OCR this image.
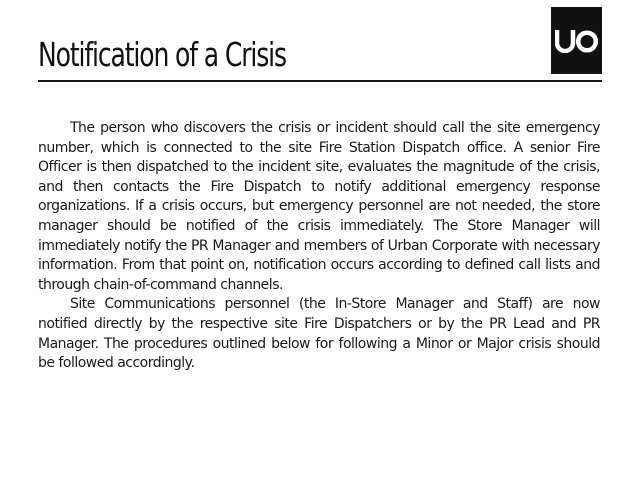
Notification of a Crisis

The person who discovers the crisis or incident should call the site emergency number, which is connected to the site Fire Station Dispatch office. A senior Fire Officer is then dispatched to the incident site, evaluates the magnitude of the crisis, and then contacts the Fire Dispatch to notify additional emergency response organizations. If a crisis occurs, but emergency personnel are not needed, the store manager should be notified of the crisis immediately. The Store Manager will immediately notify the PR Manager and members of Urban Corporate with necessary information. From that point on, notification occurs according to defined call lists and through chain-of-command channels.

Site Communications personnel (the In-Store Manager and Staff) are now notified directly by the respective site Fire Dispatchers or by the PR Lead and PR Manager. The procedures outlined below for following a Minor or Major crisis should be followed accordingly.
